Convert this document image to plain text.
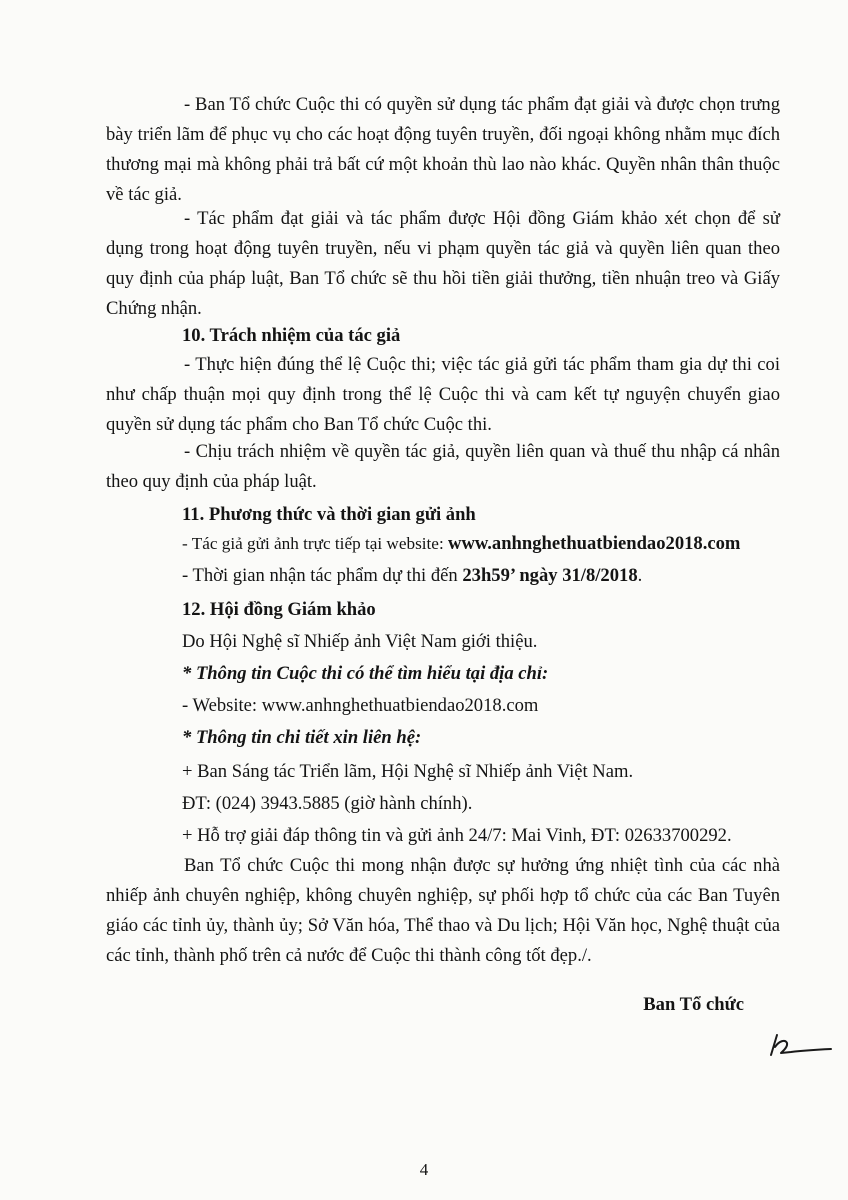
- Ban Tổ chức Cuộc thi có quyền sử dụng tác phẩm đạt giải và được chọn trưng bày triển lãm để phục vụ cho các hoạt động tuyên truyền, đối ngoại không nhằm mục đích thương mại mà không phải trả bất cứ một khoản thù lao nào khác. Quyền nhân thân thuộc về tác giả.

- Tác phẩm đạt giải và tác phẩm được Hội đồng Giám khảo xét chọn để sử dụng trong hoạt động tuyên truyền, nếu vi phạm quyền tác giả và quyền liên quan theo quy định của pháp luật, Ban Tổ chức sẽ thu hồi tiền giải thưởng, tiền nhuận treo và Giấy Chứng nhận.

10. Trách nhiệm của tác giả

- Thực hiện đúng thể lệ Cuộc thi; việc tác giả gửi tác phẩm tham gia dự thi coi như chấp thuận mọi quy định trong thể lệ Cuộc thi và cam kết tự nguyện chuyển giao quyền sử dụng tác phẩm cho Ban Tổ chức Cuộc thi.

- Chịu trách nhiệm về quyền tác giả, quyền liên quan và thuế thu nhập cá nhân theo quy định của pháp luật.

11. Phương thức và thời gian gửi ảnh
- Tác giả gửi ảnh trực tiếp tại website: www.anhnghethuatbiendao2018.com
- Thời gian nhận tác phẩm dự thi đến 23h59’ ngày 31/8/2018.
12. Hội đồng Giám khảo
Do Hội Nghệ sĩ Nhiếp ảnh Việt Nam giới thiệu.
* Thông tin Cuộc thi có thể tìm hiểu tại địa chỉ:
- Website: www.anhnghethuatbiendao2018.com
* Thông tin chi tiết xin liên hệ:
+ Ban Sáng tác Triển lãm, Hội Nghệ sĩ Nhiếp ảnh Việt Nam.
ĐT: (024) 3943.5885 (giờ hành chính).
+ Hỗ trợ giải đáp thông tin và gửi ảnh 24/7: Mai Vinh, ĐT: 02633700292.

Ban Tổ chức Cuộc thi mong nhận được sự hưởng ứng nhiệt tình của các nhà nhiếp ảnh chuyên nghiệp, không chuyên nghiệp, sự phối hợp tổ chức của các Ban Tuyên giáo các tỉnh ủy, thành ủy; Sở Văn hóa, Thể thao và Du lịch; Hội Văn học, Nghệ thuật của các tỉnh, thành phố trên cả nước để Cuộc thi thành công tốt đẹp./.

Ban Tổ chức
4
